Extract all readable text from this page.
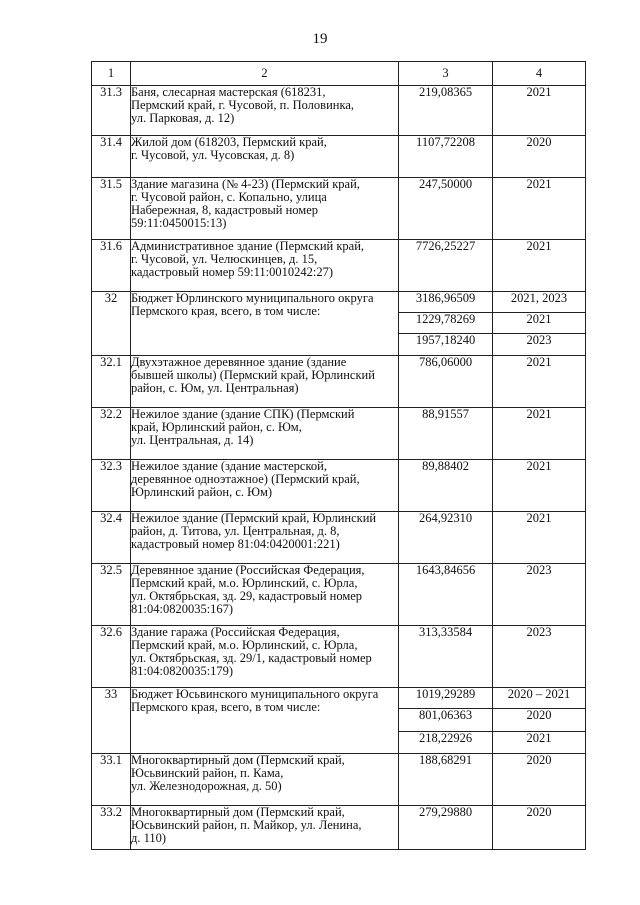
19
1	2	3	4
31.3	Баня, слесарная мастерская (618231,
Пермский край, г. Чусовой, п. Половинка,
ул. Парковая, д. 12)	219,08365	2021
31.4	Жилой дом (618203, Пермский край,
г. Чусовой, ул. Чусовская, д. 8)	1107,72208	2020
31.5	Здание магазина (№ 4-23) (Пермский край,
г. Чусовой район, с. Копально, улица
Набережная, 8, кадастровый номер
59:11:0450015:13)	247,50000	2021
31.6	Административное здание (Пермский край,
г. Чусовой, ул. Челюскинцев, д. 15,
кадастровый номер 59:11:0010242:27)	7726,25227	2021
32	Бюджет Юрлинского муниципального округа
Пермского края, всего, в том числе:	3186,96509	2021, 2023
		1229,78269	2021
		1957,18240	2023
32.1	Двухэтажное деревянное здание (здание
бывшей школы) (Пермский край, Юрлинский
район, с. Юм, ул. Центральная)	786,06000	2021
32.2	Нежилое здание (здание СПК) (Пермский
край, Юрлинский район, с. Юм,
ул. Центральная, д. 14)	88,91557	2021
32.3	Нежилое здание (здание мастерской,
деревянное одноэтажное) (Пермский край,
Юрлинский район, с. Юм)	89,88402	2021
32.4	Нежилое здание (Пермский край, Юрлинский
район, д. Титова, ул. Центральная, д. 8,
кадастровый номер 81:04:0420001:221)	264,92310	2021
32.5	Деревянное здание (Российская Федерация,
Пермский край, м.о. Юрлинский, с. Юрла,
ул. Октябрьская, зд. 29, кадастровый номер
81:04:0820035:167)	1643,84656	2023
32.6	Здание гаража (Российская Федерация,
Пермский край, м.о. Юрлинский, с. Юрла,
ул. Октябрьская, зд. 29/1, кадастровый номер
81:04:0820035:179)	313,33584	2023
33	Бюджет Юсьвинского муниципального округа
Пермского края, всего, в том числе:	1019,29289	2020 – 2021
		801,06363	2020
		218,22926	2021
33.1	Многоквартирный дом (Пермский край,
Юсьвинский район, п. Кама,
ул. Железнодорожная, д. 50)	188,68291	2020
33.2	Многоквартирный дом (Пермский край,
Юсьвинский район, п. Майкор, ул. Ленина,
д. 110)	279,29880	2020
